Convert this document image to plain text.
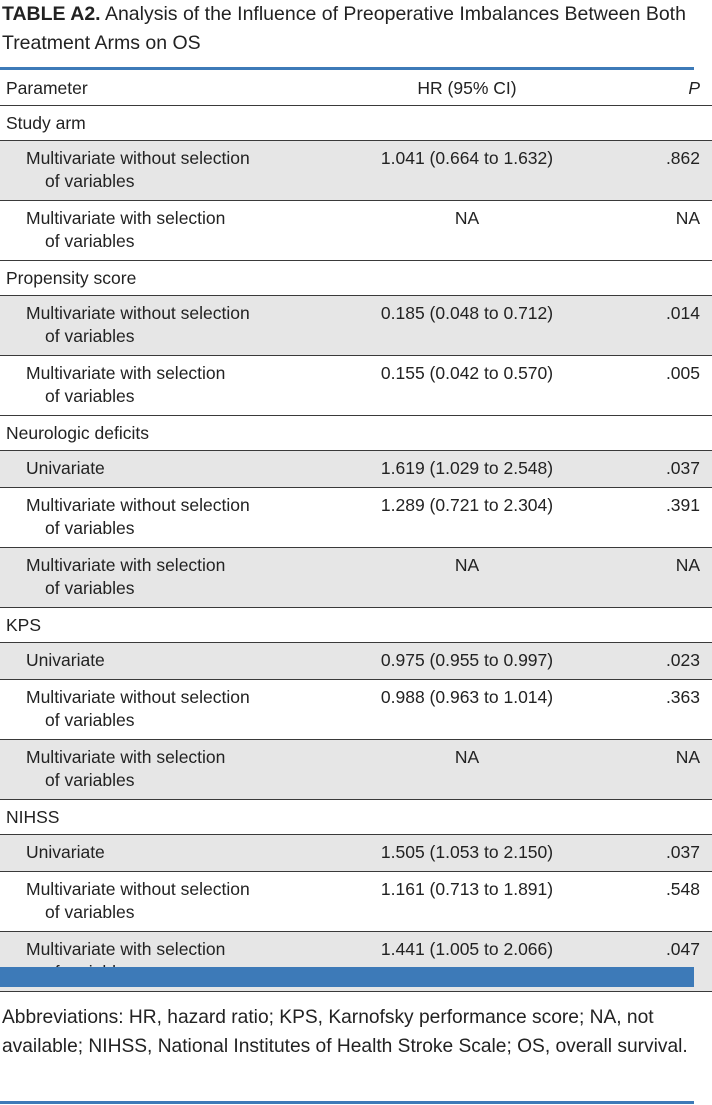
TABLE A2. Analysis of the Influence of Preoperative Imbalances Between Both Treatment Arms on OS
Parameter	HR (95% CI)	P
Study arm		

Multivariate without selection
of variables	1.041 (0.664 to 1.632)	.862

Multivariate with selection
of variables	NA	NA

Propensity score		

Multivariate without selection
of variables	0.185 (0.048 to 0.712)	.014

Multivariate with selection
of variables	0.155 (0.042 to 0.570)	.005

Neurologic deficits		

Univariate	1.619 (1.029 to 2.548)	.037

Multivariate without selection
of variables	1.289 (0.721 to 2.304)	.391

Multivariate with selection
of variables	NA	NA

KPS		

Univariate	0.975 (0.955 to 0.997)	.023

Multivariate without selection
of variables	0.988 (0.963 to 1.014)	.363

Multivariate with selection
of variables	NA	NA

NIHSS		

Univariate	1.505 (1.053 to 2.150)	.037

Multivariate without selection
of variables	1.161 (0.713 to 1.891)	.548

Multivariate with selection	1.441 (1.005 to 2.066)	.047
Abbreviations: HR, hazard ratio; KPS, Karnofsky performance score; NA, not available; NIHSS, National Institutes of Health Stroke Scale; OS, overall survival.
